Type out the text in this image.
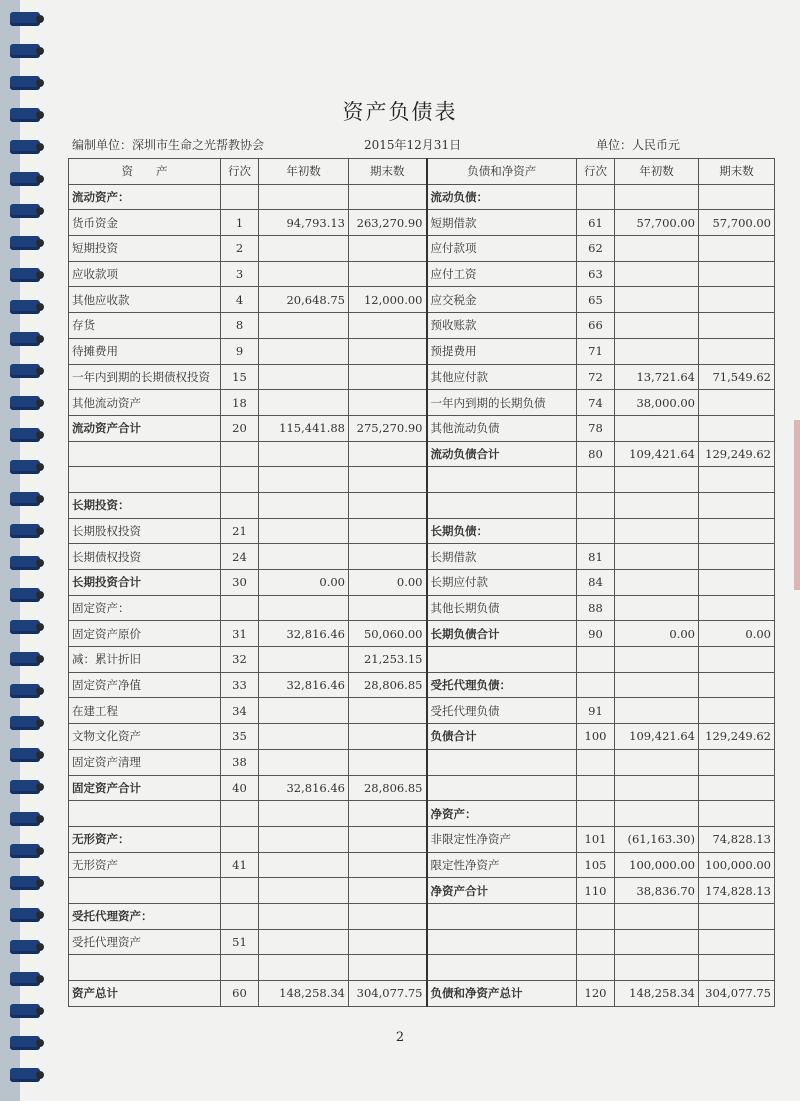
资产负债表
编制单位：深圳市生命之光帮教协会	2015年12月31日	单位：人民币元
资　　产	行次	年初数	期末数	负债和净资产	行次	年初数	期末数
流动资产：				流动负债：			
货币资金	1	94,793.13	263,270.90	短期借款	61	57,700.00	57,700.00
短期投资	2			应付款项	62		
应收款项	3			应付工资	63		
其他应收款	4	20,648.75	12,000.00	应交税金	65		
存货	8			预收账款	66		
待摊费用	9			预提费用	71		
一年内到期的长期债权投资	15			其他应付款	72	13,721.64	71,549.62
其他流动资产	18			一年内到期的长期负债	74	38,000.00	
流动资产合计	20	115,441.88	275,270.90	其他流动负债	78		
				流动负债合计	80	109,421.64	129,249.62

长期投资：							
长期股权投资	21			长期负债：			
长期债权投资	24			长期借款	81		
长期投资合计	30	0.00	0.00	长期应付款	84		
固定资产：				其他长期负债	88		
固定资产原价	31	32,816.46	50,060.00	长期负债合计	90	0.00	0.00
减：累计折旧	32		21,253.15				
固定资产净值	33	32,816.46	28,806.85	受托代理负债：			
在建工程	34			受托代理负债	91		
文物文化资产	35			负债合计	100	109,421.64	129,249.62
固定资产清理	38						
固定资产合计	40	32,816.46	28,806.85				
				净资产：			
无形资产：				非限定性净资产	101	(61,163.30)	74,828.13
无形资产	41			限定性净资产	105	100,000.00	100,000.00
				净资产合计	110	38,836.70	174,828.13
受托代理资产：							
受托代理资产	51						

资产总计	60	148,258.34	304,077.75	负债和净资产总计	120	148,258.34	304,077.75
2
